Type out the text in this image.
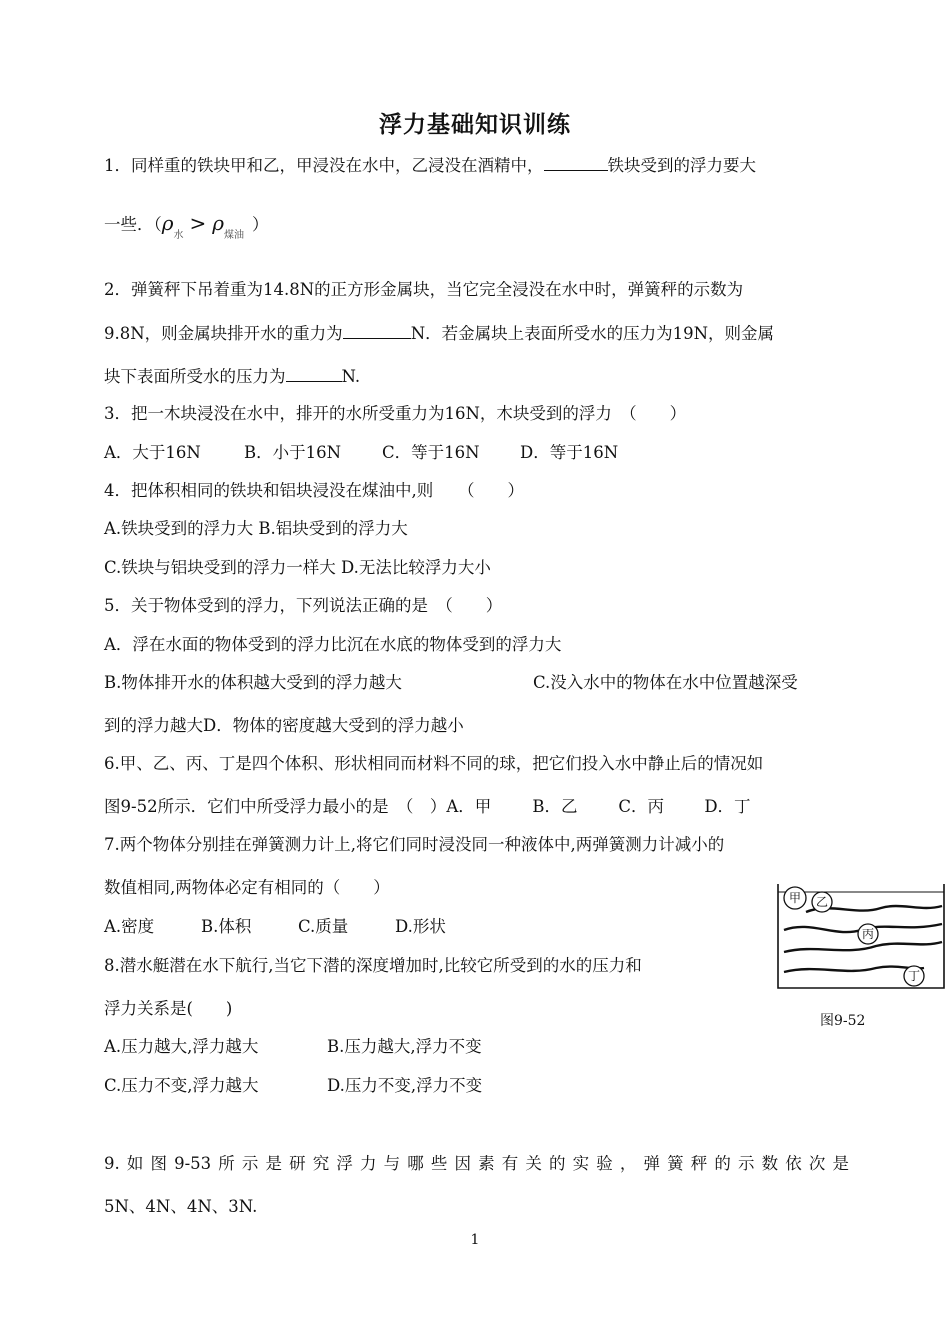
浮力基础知识训练
1．同样重的铁块甲和乙，甲浸没在水中，乙浸没在酒精中，	铁块受到的浮力要大
一些．$(\rho_水> \rho_{煤油})$
2．弹簧秤下吊着重为14.8N的正方形金属块，当它完全浸没在水中时，弹簧秤的示数为
9.8N，则金属块排开水的重力为	N．若金属块上表面所受水的压力为19N，则金属
块下表面所受水的压力为	N.
3．把一木块浸没在水中，排开的水所受重力为16N，木块受到的浮力　（　　）
A．大于16N	B．小于16N C．等于16N D．等于16N
4．把体积相同的铁块和铝块浸没在煤油中,则　　（　　）
A.铁块受到的浮力大 B.铝块受到的浮力大
C.铁块与铝块受到的浮力一样大 D.无法比较浮力大小
5．关于物体受到的浮力，下列说法正确的是　（　　）
A．浮在水面的物体受到的浮力比沉在水底的物体受到的浮力大
B.物体排开水的体积越大受到的浮力越大	C.没入水中的物体在水中位置越深受
到的浮力越大D．物体的密度越大受到的浮力越小
6.甲、乙、丙、丁是四个体积、形状相同而材料不同的球，把它们投入水中静止后的情况如
图9-52所示．它们中所受浮力最小的是　（　）A．甲 B．乙 C．丙 D．丁
7.两个物体分别挂在弹簧测力计上,将它们同时浸没同一种液体中,两弹簧测力计减小的
数值相同,两物体必定有相同的（　　）
A.密度	B.体积	C.质量	D.形状
8.潜水艇潜在水下航行,当它下潜的深度增加时,比较它所受到的水的压力和
浮力关系是(　　)
A.压力越大,浮力越大	B.压力越大,浮力不变
C.压力不变,浮力越大	D.压力不变,浮力不变
9.如图9-53所示是研究浮力与哪些因素有关的实验，弹簧秤的示数依次是
5N、4N、4N、3N.
甲 乙
丙
丁
图9-52
1
